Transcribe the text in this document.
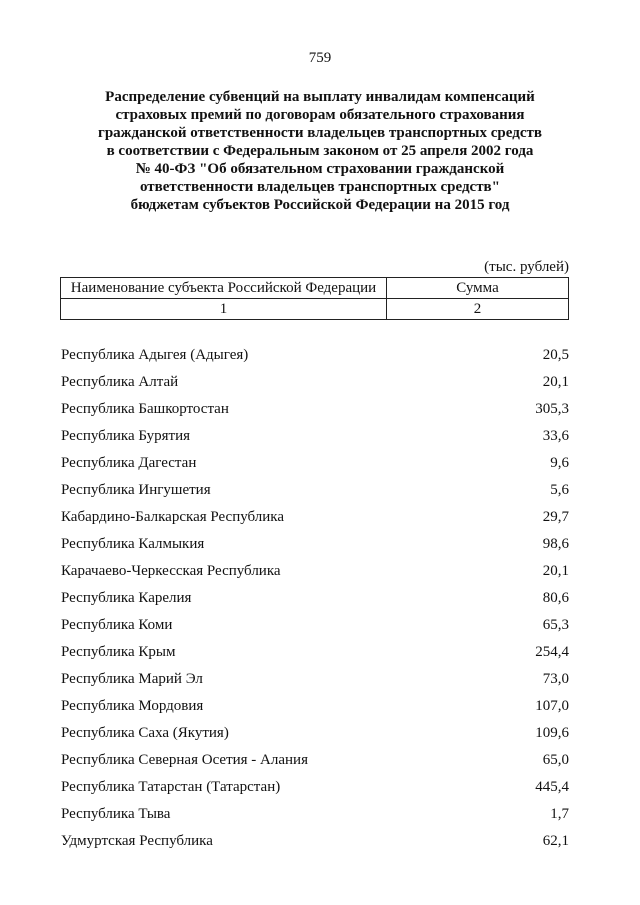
759
Распределение субвенций на выплату инвалидам компенсаций
страховых премий по договорам обязательного страхования
гражданской ответственности владельцев транспортных средств
в соответствии с Федеральным законом от 25 апреля 2002 года
№ 40-ФЗ "Об обязательном страховании гражданской
ответственности владельцев транспортных средств"
бюджетам субъектов Российской Федерации на 2015 год
(тыс. рублей)
Наименование субъекта Российской Федерации	Сумма
1	2
Республика Адыгея (Адыгея)	20,5
Республика Алтай	20,1
Республика Башкортостан	305,3
Республика Бурятия	33,6
Республика Дагестан	9,6
Республика Ингушетия	5,6
Кабардино-Балкарская Республика	29,7
Республика Калмыкия	98,6
Карачаево-Черкесская Республика	20,1
Республика Карелия	80,6
Республика Коми	65,3
Республика Крым	254,4
Республика Марий Эл	73,0
Республика Мордовия	107,0
Республика Саха (Якутия)	109,6
Республика Северная Осетия - Алания	65,0
Республика Татарстан (Татарстан)	445,4
Республика Тыва	1,7
Удмуртская Республика	62,1
